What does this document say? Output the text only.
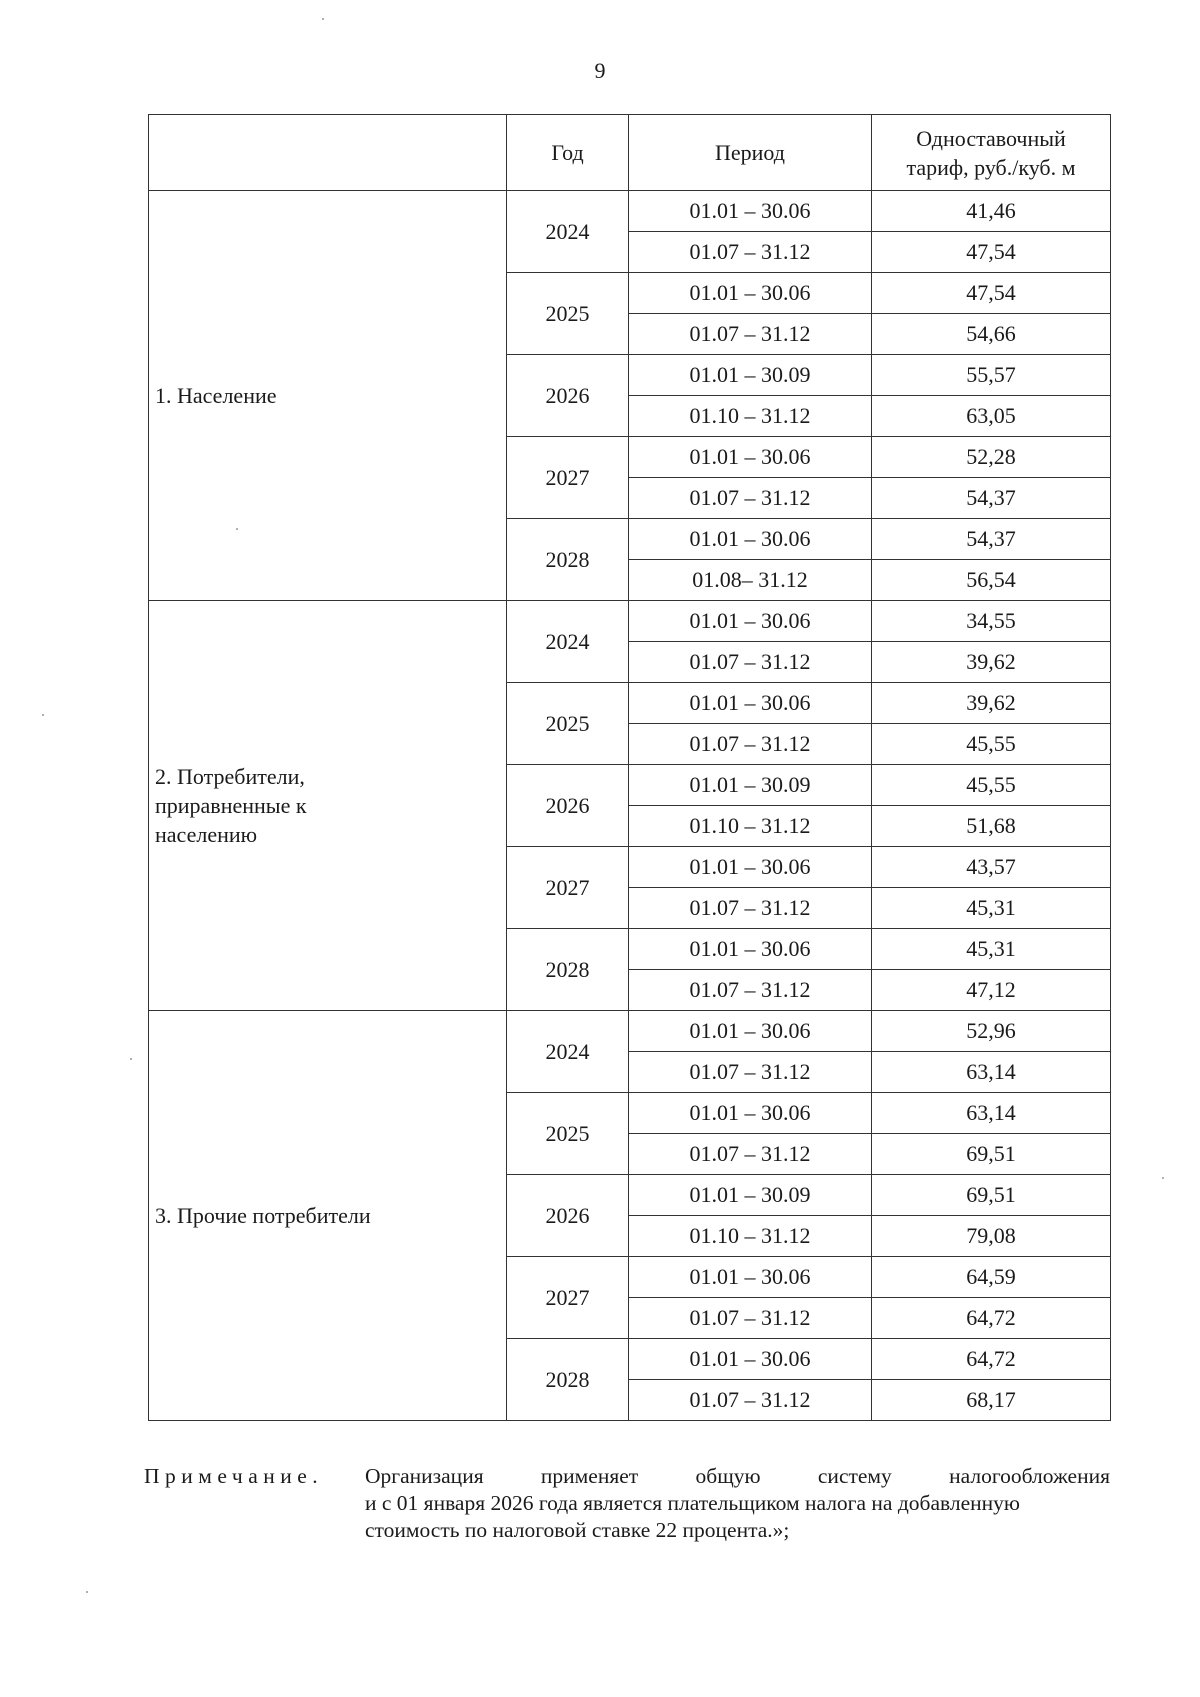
9
	Год	Период	Одноставочный тариф, руб./куб. м
1. Население	2024	01.01 – 30.06	41,46
		01.07 – 31.12	47,54
	2025	01.01 – 30.06	47,54
		01.07 – 31.12	54,66
	2026	01.01 – 30.09	55,57
		01.10 – 31.12	63,05
	2027	01.01 – 30.06	52,28
		01.07 – 31.12	54,37
	2028	01.01 – 30.06	54,37
		01.08– 31.12	56,54
2. Потребители, приравненные к населению	2024	01.01 – 30.06	34,55
		01.07 – 31.12	39,62
	2025	01.01 – 30.06	39,62
		01.07 – 31.12	45,55
	2026	01.01 – 30.09	45,55
		01.10 – 31.12	51,68
	2027	01.01 – 30.06	43,57
		01.07 – 31.12	45,31
	2028	01.01 – 30.06	45,31
		01.07 – 31.12	47,12
3. Прочие потребители	2024	01.01 – 30.06	52,96
		01.07 – 31.12	63,14
	2025	01.01 – 30.06	63,14
		01.07 – 31.12	69,51
	2026	01.01 – 30.09	69,51
		01.10 – 31.12	79,08
	2027	01.01 – 30.06	64,59
		01.07 – 31.12	64,72
	2028	01.01 – 30.06	64,72
		01.07 – 31.12	68,17
Примечание. Организация	применяет	общую	систему	налогообложения
и с 01 января 2026 года является плательщиком налога на добавленную
стоимость по налоговой ставке 22 процента.»;
